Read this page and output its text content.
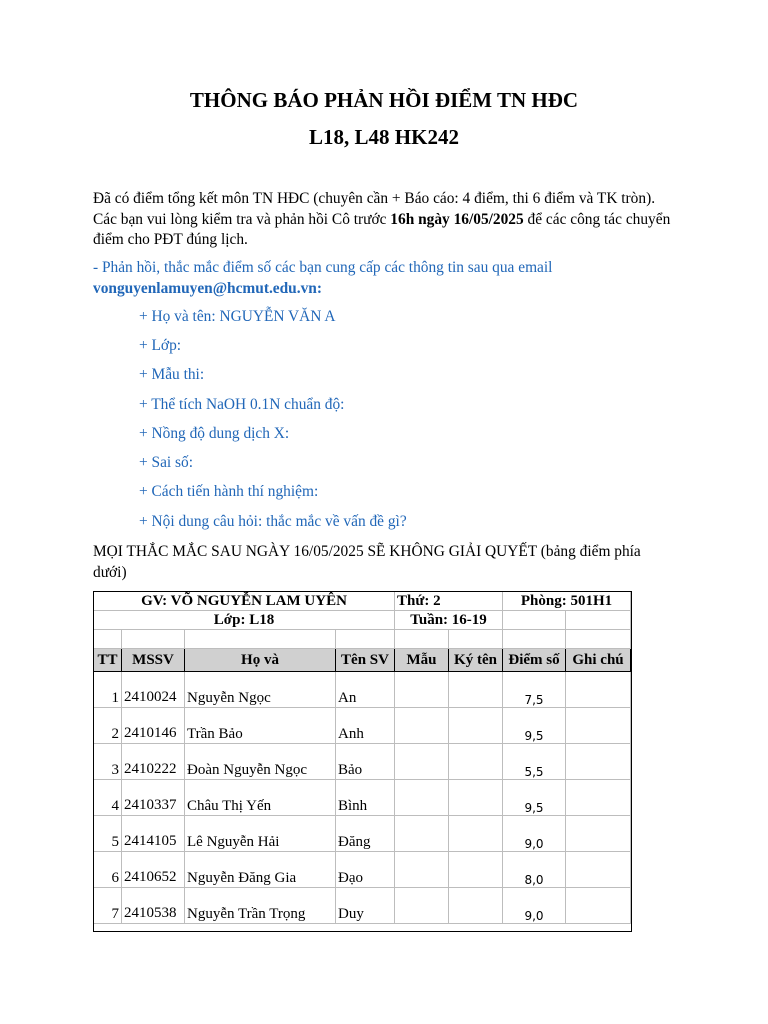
THÔNG BÁO PHẢN HỒI ĐIỂM TN HĐC
L18, L48 HK242
Đã có điểm tổng kết môn TN HĐC (chuyên cần + Báo cáo: 4 điểm, thi 6 điểm và TK tròn). Các bạn vui lòng kiểm tra và phản hồi Cô trước 16h ngày 16/05/2025 để các công tác chuyển điểm cho PĐT đúng lịch.
- Phản hồi, thắc mắc điểm số các bạn cung cấp các thông tin sau qua email
vonguyenlamuyen@hcmut.edu.vn:
+ Họ và tên: NGUYỄN VĂN A
+ Lớp:
+ Mẫu thi:
+ Thể tích NaOH 0.1N chuẩn độ:
+ Nồng độ dung dịch X:
+ Sai số:
+ Cách tiến hành thí nghiệm:
+ Nội dung câu hỏi: thắc mắc về vấn đề gì?
MỌI THẮC MẮC SAU NGÀY 16/05/2025 SẼ KHÔNG GIẢI QUYẾT (bảng điểm phía dưới)
GV: VÕ NGUYỄN LAM UYÊN				Thứ: 2		Phòng: 501H1	
Lớp: L18				Tuần: 16-19			

TT	MSSV	Họ và	Tên SV	Mẫu	Ký tên	Điểm số	Ghi chú
1	2410024	Nguyễn Ngọc	An			7,5	
2	2410146	Trần Bảo	Anh			9,5	
3	2410222	Đoàn Nguyễn Ngọc	Bảo			5,5	
4	2410337	Châu Thị Yến	Bình			9,5	
5	2414105	Lê Nguyễn Hải	Đăng			9,0	
6	2410652	Nguyễn Đăng Gia	Đạo			8,0	
7	2410538	Nguyễn Trần Trọng	Duy			9,0	
